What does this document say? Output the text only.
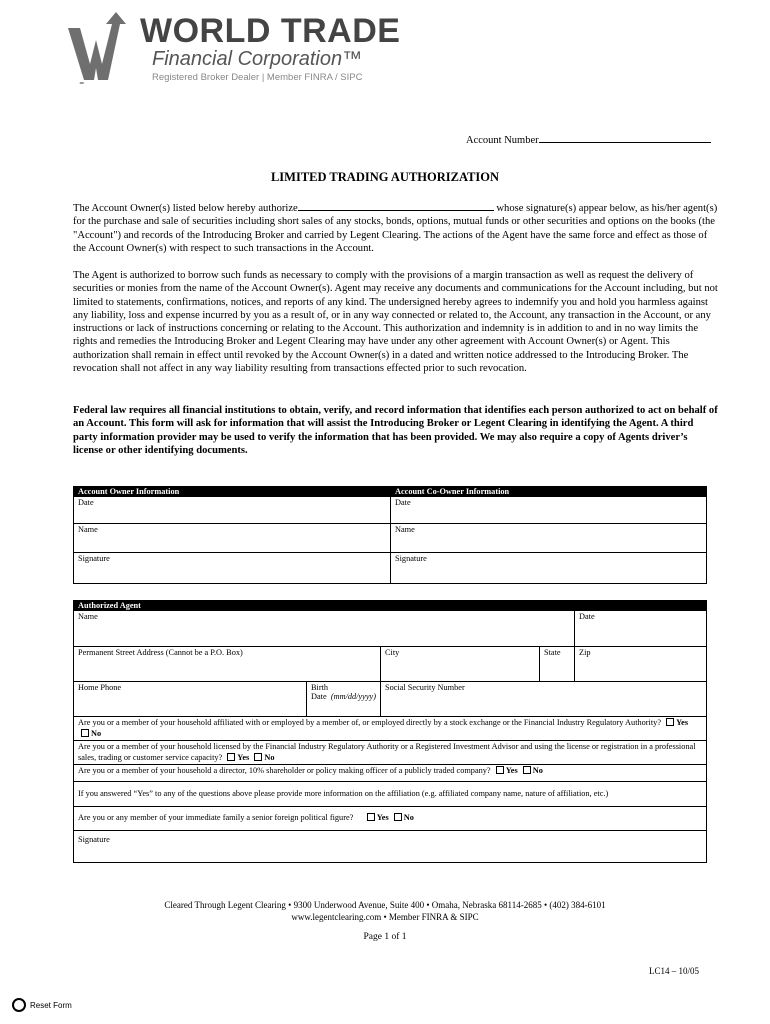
WORLD TRADE
Financial Corporation™
Registered Broker Dealer | Member FINRA / SIPC
Account Number
LIMITED TRADING AUTHORIZATION
The Account Owner(s) listed below hereby authorize	whose signature(s) appear below, as his/her agent(s) for the purchase and sale of securities including short sales of any stocks, bonds, options, mutual funds or other securities and options on the books (the "Account") and records of the Introducing Broker and carried by Legent Clearing. The actions of the Agent have the same force and effect as those of the Account Owner(s) with respect to such transactions in the Account.
The Agent is authorized to borrow such funds as necessary to comply with the provisions of a margin transaction as well as request the delivery of securities or monies from the name of the Account Owner(s). Agent may receive any documents and communications for the Account including, but not limited to statements, confirmations, notices, and reports of any kind. The undersigned hereby agrees to indemnify you and hold you harmless against any liability, loss and expense incurred by you as a result of, or in any way connected or related to, the Account, any transaction in the Account, or any instructions or lack of instructions concerning or relating to the Account. This authorization and indemnity is in addition to and in no way limits the rights and remedies the Introducing Broker and Legent Clearing may have under any other agreement with Account Owner(s) or Agent. This authorization shall remain in effect until revoked by the Account Owner(s) in a dated and written notice addressed to the Introducing Broker. The revocation shall not affect in any way liability resulting from transactions effected prior to such revocation.
Federal law requires all financial institutions to obtain, verify, and record information that identifies each person authorized to act on behalf of an Account. This form will ask for information that will assist the Introducing Broker or Legent Clearing in identifying the Agent. A third party information provider may be used to verify the information that has been provided. We may also require a copy of Agents driver’s license or other identifying documents.
Account Owner Information	Account Co-Owner Information
Date	Date
Name	Name
Signature	Signature
Authorized Agent				
Name				Date
Permanent Street Address (Cannot be a P.O. Box)		City	State	Zip
Home Phone	Birth Date (mm/dd/yyyy)	Social Security Number		
Are you or a member of your household affiliated with or employed by a member of, or employed directly by a stock exchange or the Financial Industry Regulatory Authority? Yes No				
Are you or a member of your household licensed by the Financial Industry Regulatory Authority or a Registered Investment Advisor and using the license or registration in a professional sales, trading or customer service capacity? Yes No				
Are you or a member of your household a director, 10% shareholder or policy making officer of a publicly traded company? Yes No				
If you answered “Yes” to any of the questions above please provide more information on the affiliation (e.g. affiliated company name, nature of affiliation, etc.)				
Are you or any member of your immediate family a senior foreign political figure? Yes No				
Signature				
Cleared Through Legent Clearing • 9300 Underwood Avenue, Suite 400 • Omaha, Nebraska 68114-2685 • (402) 384-6101
www.legentclearing.com • Member FINRA & SIPC
Page 1 of 1
LC14 – 10/05
Reset Form
